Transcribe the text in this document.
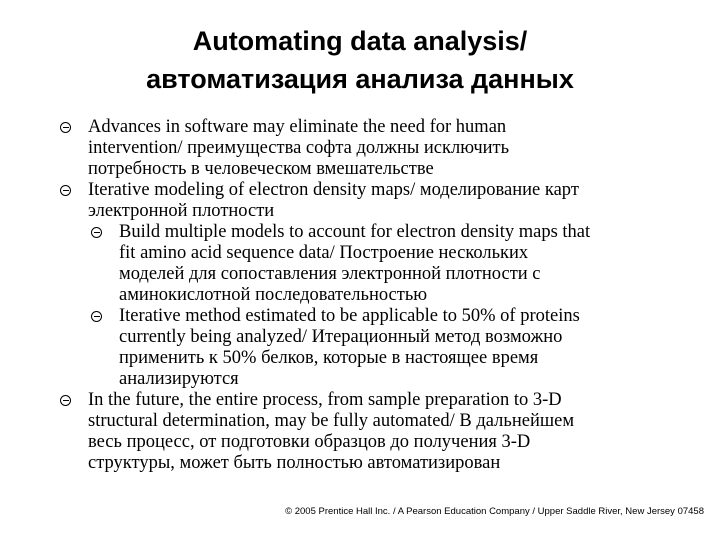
Automating data analysis/
автоматизация анализа данных
Advances in software may eliminate the need for human
intervention/ преимущества софта должны исключить
потребность в человеческом вмешательстве
Iterative modeling of electron density maps/ моделирование карт
электронной плотности
Build multiple models to account for electron density maps that
fit amino acid sequence data/ Построение нескольких
моделей для сопоставления электронной плотности с
аминокислотной последовательностью
Iterative method estimated to be applicable to 50% of proteins
currently being analyzed/ Итерационный метод возможно
применить к 50% белков, которые в настоящее время
анализируются
In the future, the entire process, from sample preparation to 3-D
structural determination, may be fully automated/ В дальнейшем
весь процесс, от подготовки образцов до получения 3-D
структуры, может быть полностью автоматизирован
© 2005 Prentice Hall Inc. / A Pearson Education Company / Upper Saddle River, New Jersey 07458
